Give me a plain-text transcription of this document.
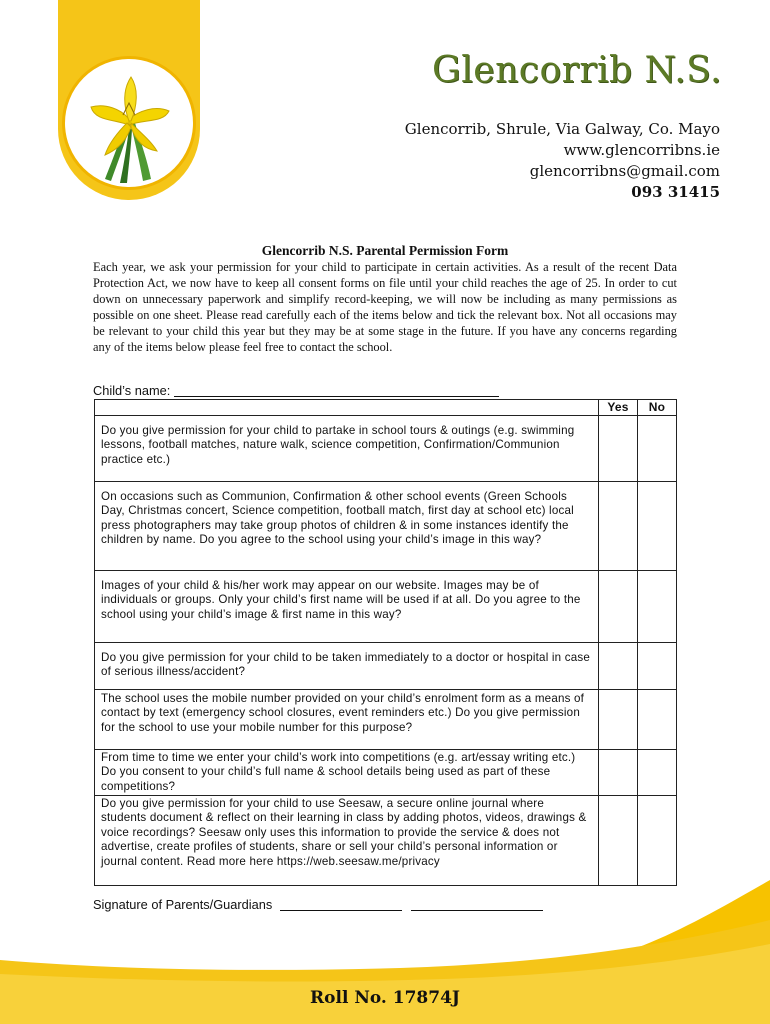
Glencorrib N.S.
Glencorrib, Shrule, Via Galway, Co. Mayo
www.glencorribns.ie
glencorribns@gmail.com
093 31415
Glencorrib N.S. Parental Permission Form
Each year, we ask your permission for your child to participate in certain activities. As a result of the recent Data Protection Act, we now have to keep all consent forms on file until your child reaches the age of 25. In order to cut down on unnecessary paperwork and simplify record-keeping, we will now be including as many permissions as possible on one sheet. Please read carefully each of the items below and tick the relevant box. Not all occasions may be relevant to your child this year but they may be at some stage in the future. If you have any concerns regarding any of the items below please feel free to contact the school.
Child’s name:
	Yes	No
Do you give permission for your child to partake in school tours & outings (e.g. swimming lessons, football matches, nature walk, science competition, Confirmation/Communion practice etc.)		
On occasions such as Communion, Confirmation & other school events (Green Schools Day, Christmas concert, Science competition, football match, first day at school etc) local press photographers may take group photos of children & in some instances identify the children by name. Do you agree to the school using your child’s image in this way?		
Images of your child & his/her work may appear on our website. Images may be of individuals or groups. Only your child’s first name will be used if at all. Do you agree to the school using your child’s image & first name in this way?		
Do you give permission for your child to be taken immediately to a doctor or hospital in case of serious illness/accident?		
The school uses the mobile number provided on your child’s enrolment form as a means of contact by text (emergency school closures, event reminders etc.) Do you give permission for the school to use your mobile number for this purpose?		
From time to time we enter your child’s work into competitions (e.g. art/essay writing etc.) Do you consent to your child’s full name & school details being used as part of these competitions?		
Do you give permission for your child to use Seesaw, a secure online journal where students document & reflect on their learning in class by adding photos, videos, drawings & voice recordings? Seesaw only uses this information to provide the service & does not advertise, create profiles of students, share or sell your child’s personal information or journal content. Read more here https://web.seesaw.me/privacy		
Signature of Parents/Guardians
Roll No. 17874J
